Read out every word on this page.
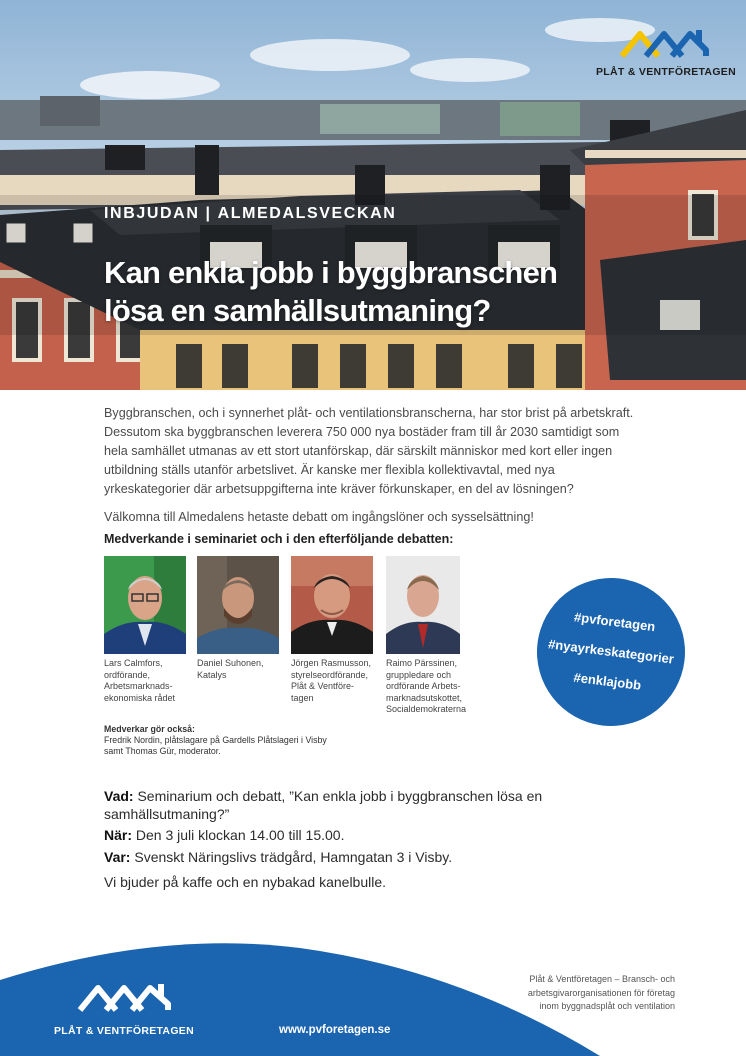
PLÅT & VENTFÖRETAGEN
INBJUDAN | ALMEDALSVECKAN
Kan enkla jobb i byggbranschen
lösa en samhällsutmaning?

Byggbranschen, och i synnerhet plåt- och ventilationsbranscherna, har stor brist på arbetskraft. Dessutom ska byggbranschen leverera 750 000 nya bostäder fram till år 2030 samtidigt som hela samhället utmanas av ett stort utanförskap, där särskilt människor med kort eller ingen utbildning ställs utanför arbetslivet. Är kanske mer flexibla kollektivavtal, med nya yrkeskategorier där arbetsuppgifterna inte kräver förkunskaper, en del av lösningen?

Välkomna till Almedalens hetaste debatt om ingångslöner och sysselsättning!

Medverkande i seminariet och i den efterföljande debatten:
Lars Calmfors,
ordförande,
Arbetsmarknads-
ekonomiska rådet
Daniel Suhonen,
Katalys
Jörgen Rasmusson,
styrelseordförande,
Plåt & Ventföre-
tagen
Raimo Pärssinen,
gruppledare och
ordförande Arbets-
marknadsutskottet,
Socialdemokraterna
Medverkar gör också:
Fredrik Nordin, plåtslagare på Gardells Plåtslageri i Visby
samt Thomas Gür, moderator.
#pvforetagen
#nyayrkeskategorier
#enklajobb
Vad: Seminarium och debatt, ”Kan enkla jobb i byggbranschen lösa en samhällsutmaning?”
När: Den 3 juli klockan 14.00 till 15.00.
Var: Svenskt Näringslivs trädgård, Hamngatan 3 i Visby.
Vi bjuder på kaffe och en nybakad kanelbulle.
Plåt & Ventföretagen – Bransch- och
arbetsgivarorganisationen för företag
inom byggnadsplåt och ventilation
PLÅT & VENTFÖRETAGEN	www.pvforetagen.se
